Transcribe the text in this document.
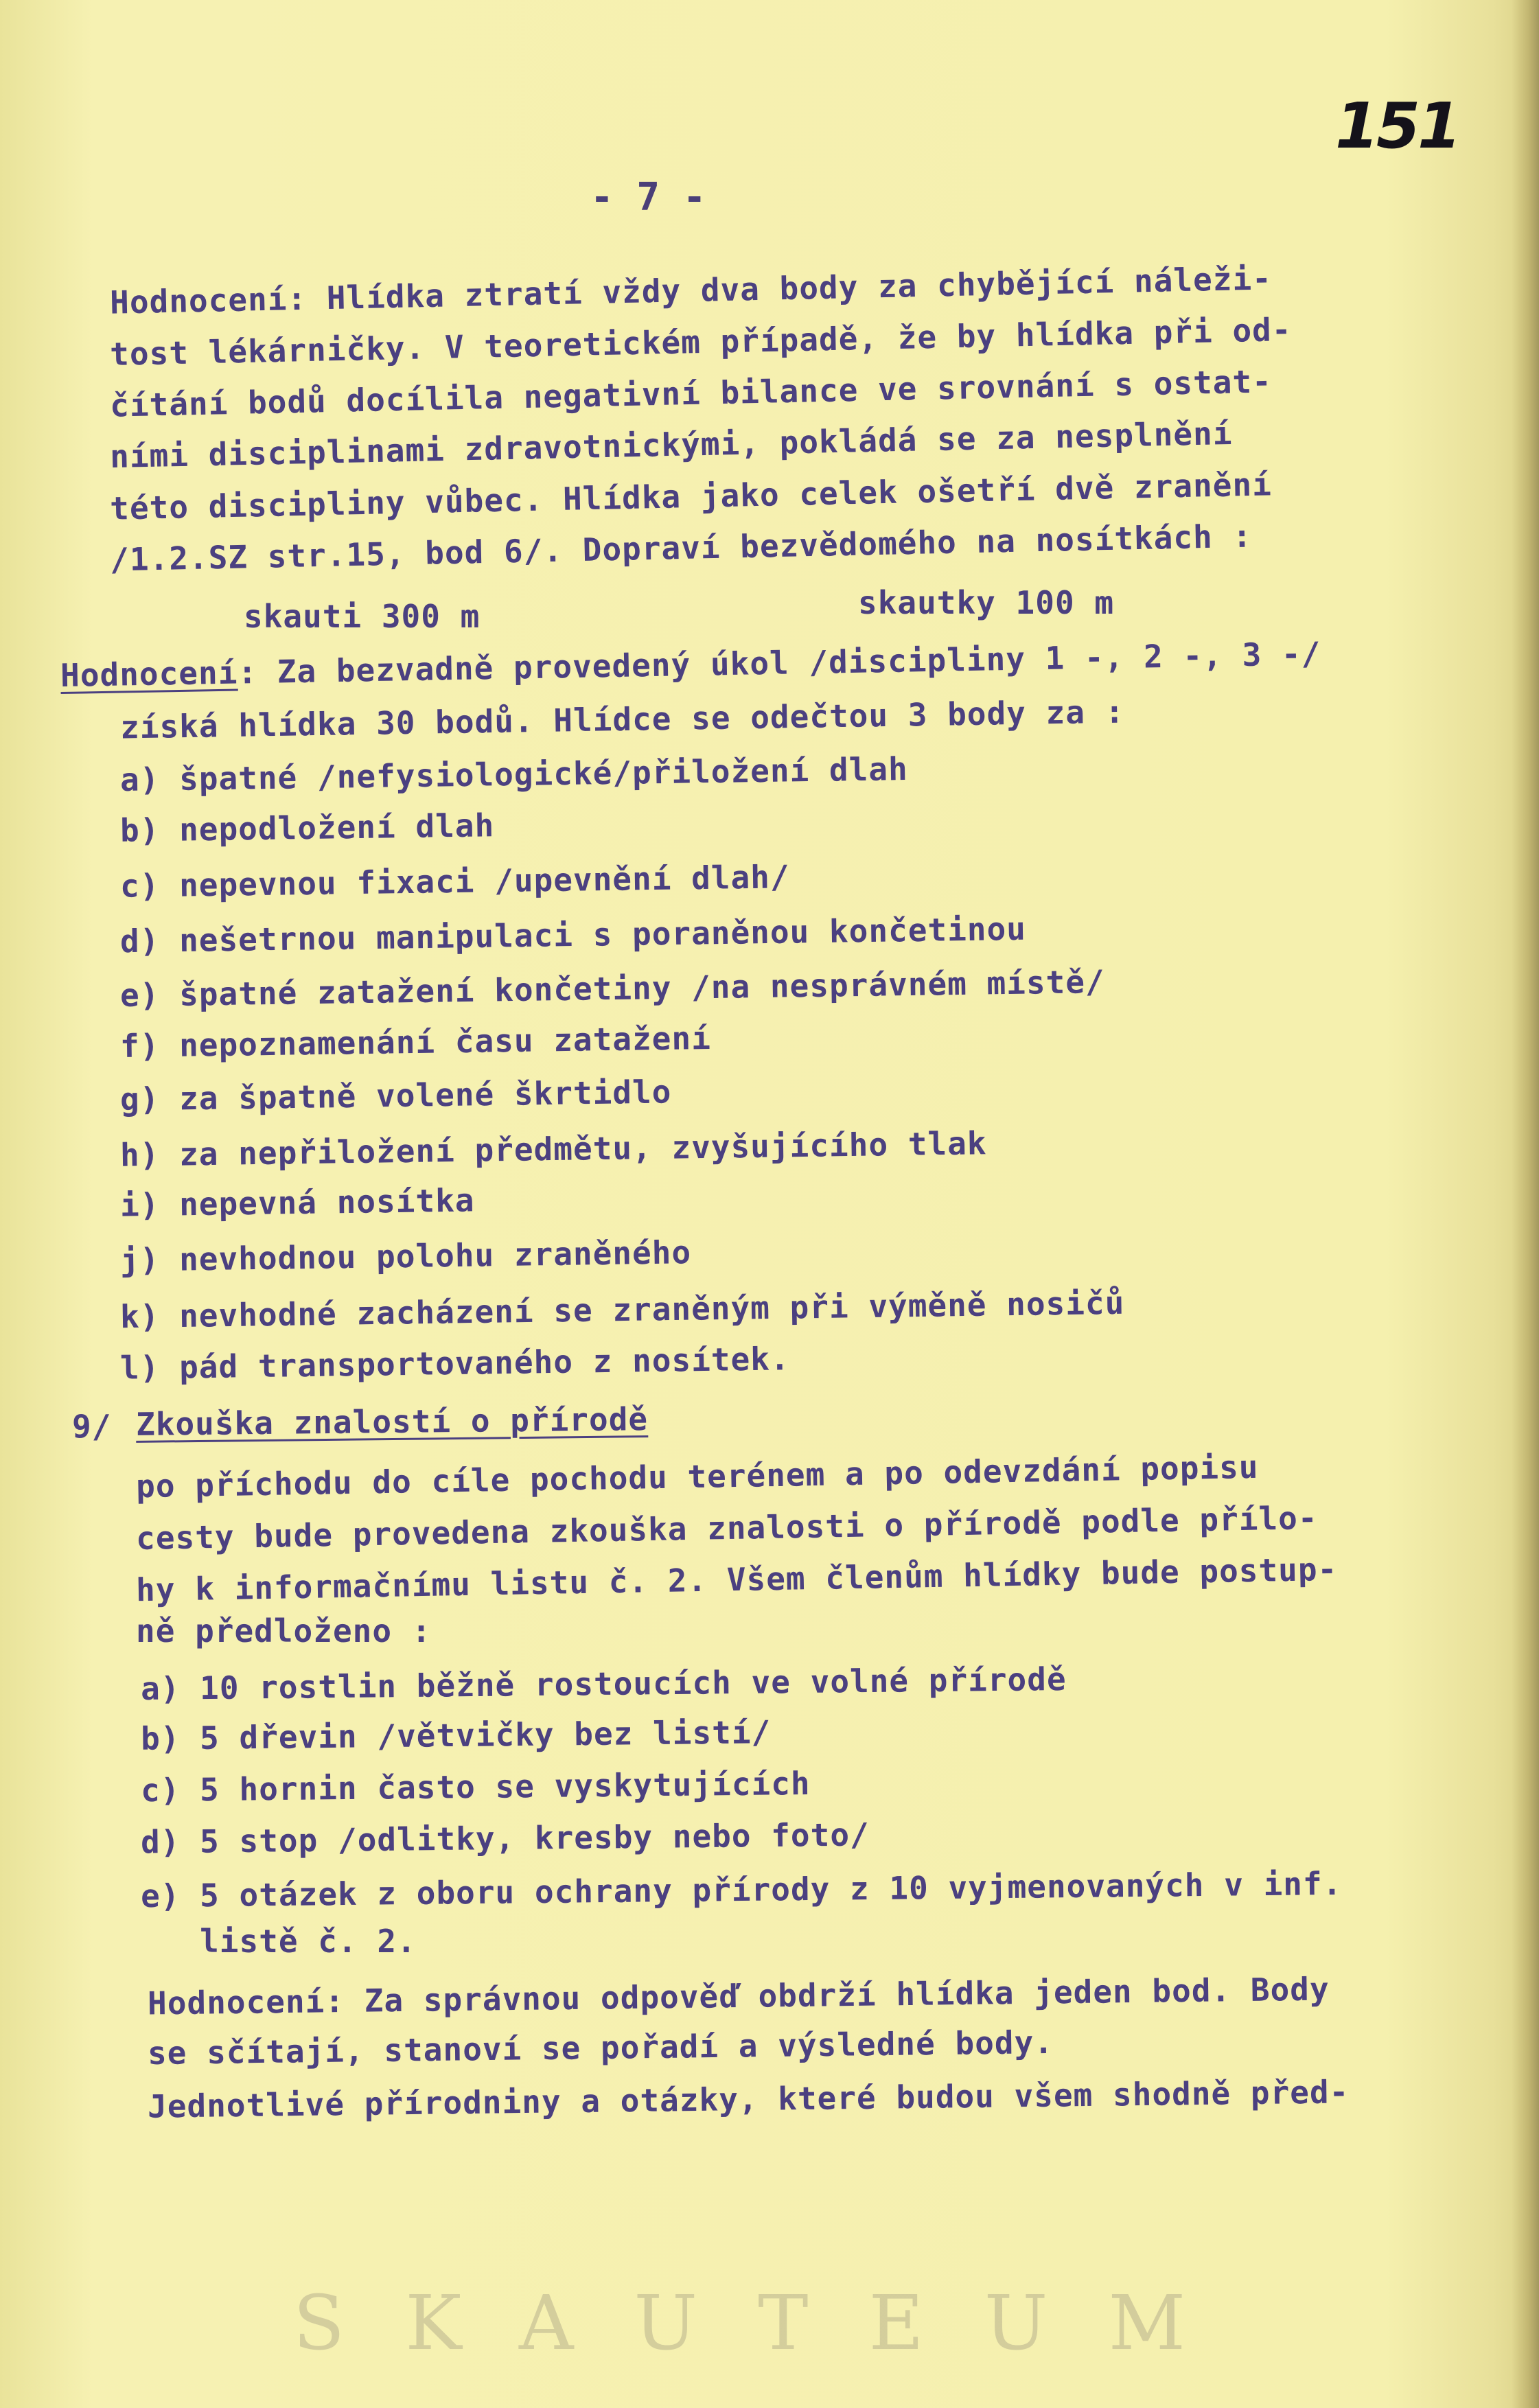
151
- 7 -
Hodnocení: Hlídka ztratí vždy dva body za chybějící náleži-
tost lékárničky. V teoretickém případě, že by hlídka při od-
čítání bodů docílila negativní bilance ve srovnání s ostat-
ními disciplinami zdravotnickými, pokládá se za nesplnění
této discipliny vůbec. Hlídka jako celek ošetří dvě zranění
/1.2.SZ str.15, bod 6/. Dopraví bezvědomého na nosítkách :
skauti 300 m	skautky 100 m
Hodnocení: Za bezvadně provedený úkol /discipliny 1 -, 2 -, 3 -/
získá hlídka 30 bodů. Hlídce se odečtou 3 body za :
a) špatné /nefysiologické/přiložení dlah
b) nepodložení dlah
c) nepevnou fixaci /upevnění dlah/
d) nešetrnou manipulaci s poraněnou končetinou
e) špatné zatažení končetiny /na nesprávném místě/
f) nepoznamenání času zatažení
g) za špatně volené škrtidlo
h) za nepřiložení předmětu, zvyšujícího tlak
i) nepevná nosítka
j) nevhodnou polohu zraněného
k) nevhodné zacházení se zraněným při výměně nosičů
l) pád transportovaného z nosítek.
9/ Zkouška znalostí o přírodě
po příchodu do cíle pochodu terénem a po odevzdání popisu
cesty bude provedena zkouška znalosti o přírodě podle přílo-
hy k informačnímu listu č. 2. Všem členům hlídky bude postup-
ně předloženo :
a) 10 rostlin běžně rostoucích ve volné přírodě
b) 5 dřevin /větvičky bez listí/
c) 5 hornin často se vyskytujících
d) 5 stop /odlitky, kresby nebo foto/
e) 5 otázek z oboru ochrany přírody z 10 vyjmenovaných v inf.
listě č. 2.
Hodnocení: Za správnou odpověď obdrží hlídka jeden bod. Body
se sčítají, stanoví se pořadí a výsledné body.
Jednotlivé přírodniny a otázky, které budou všem shodně před-
SKAUTEUM
